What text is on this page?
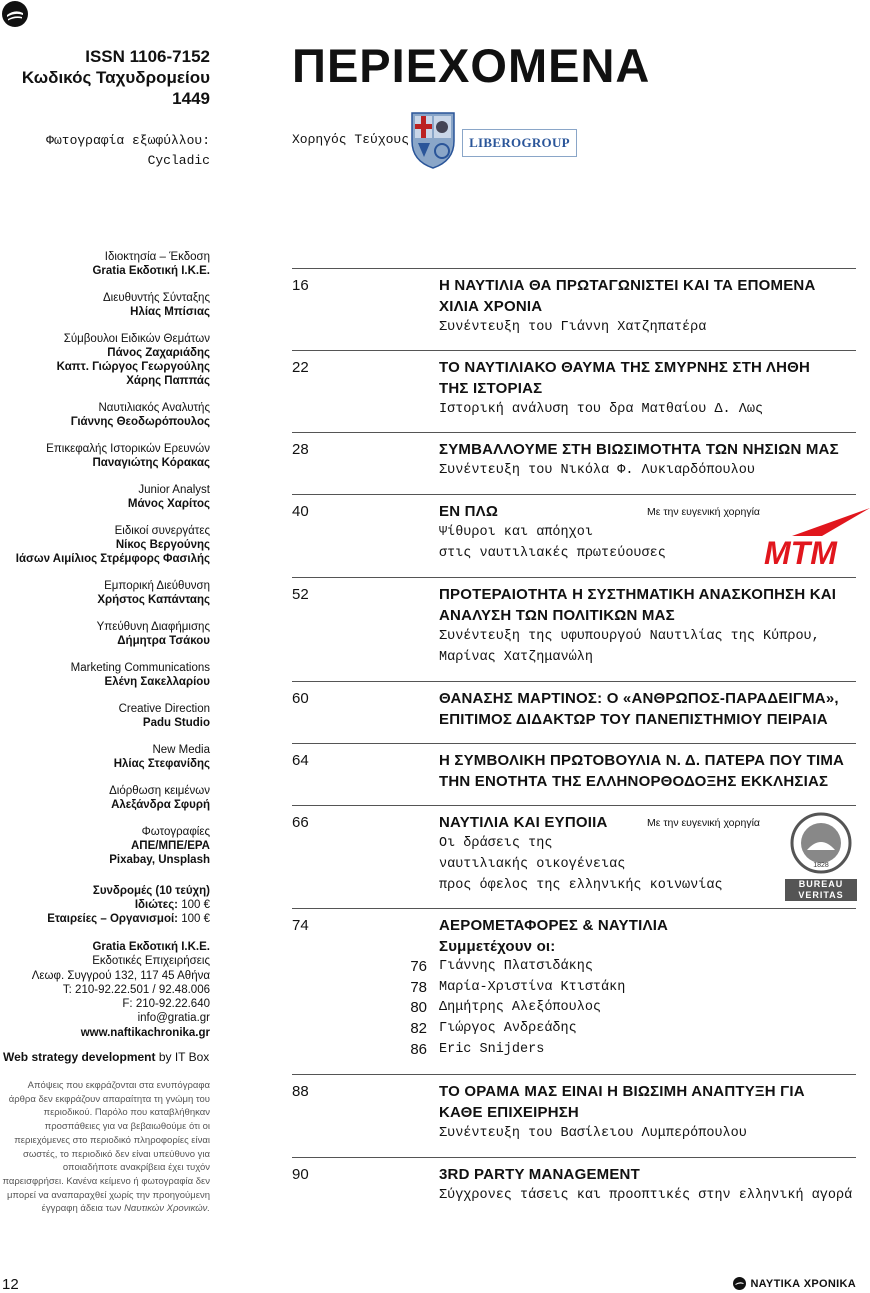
ISSN 1106-7152
Κωδικός Ταχυδρομείου
1449
Φωτογραφία εξωφύλλου:
Cycladic
ΠΕΡΙΕΧΟΜΕΝΑ
Χορηγός Τεύχους	LIBEROGROUP
Ιδιοκτησία – Έκδοση
Gratia Εκδοτική Ι.Κ.Ε.
Διευθυντής Σύνταξης
Ηλίας Μπίσιας
Σύμβουλοι Ειδικών Θεμάτων
Πάνος Ζαχαριάδης
Καπτ. Γιώργος Γεωργούλης
Χάρης Παππάς
Ναυτιλιακός Αναλυτής
Γιάννης Θεοδωρόπουλος
Επικεφαλής Ιστορικών Ερευνών
Παναγιώτης Κόρακας
Junior Analyst
Μάνος Χαρίτος
Ειδικοί συνεργάτες
Νίκος Βεργούνης
Ιάσων Αιμίλιος Στρέμφορς Φασιλής
Εμπορική Διεύθυνση
Χρήστος Καπάνταης
Υπεύθυνη Διαφήμισης
Δήμητρα Τσάκου
Marketing Communications
Ελένη Σακελλαρίου
Creative Direction
Padu Studio
New Media
Ηλίας Στεφανίδης
Διόρθωση κειμένων
Αλεξάνδρα Σφυρή
Φωτογραφίες
ΑΠΕ/ΜΠΕ/EPA
Pixabay, Unsplash
Συνδρομές (10 τεύχη)
Ιδιώτες: 100 €
Εταιρείες – Οργανισμοί: 100 €
Gratia Εκδοτική Ι.Κ.Ε.
Εκδοτικές Επιχειρήσεις
Λεωφ. Συγγρού 132, 117 45 Αθήνα
T: 210-92.22.501 / 92.48.006
F: 210-92.22.640
info@gratia.gr
www.naftikachronika.gr
Web strategy development by IT Box
Απόψεις που εκφράζονται στα ενυπόγραφα άρθρα δεν εκφράζουν απαραίτητα τη γνώμη του περιοδικού. Παρόλο που καταβλήθηκαν προσπάθειες για να βεβαιωθούμε ότι οι περιεχόμενες στο περιοδικό πληροφορίες είναι σωστές, το περιοδικό δεν είναι υπεύθυνο για οποιαδήποτε ανακρίβεια έχει τυχόν παρεισφρήσει. Κανένα κείμενο ή φωτογραφία δεν μπορεί να αναπαραχθεί χωρίς την προηγούμενη έγγραφη άδεια των Ναυτικών Χρονικών.
16	Η ΝΑΥΤΙΛΙΑ ΘΑ ΠΡΩΤΑΓΩΝΙΣΤΕΙ ΚΑΙ ΤΑ ΕΠΟΜΕΝΑ
ΧΙΛΙΑ ΧΡΟΝΙΑ
Συνέντευξη του Γιάννη Χατζηπατέρα
22	ΤΟ ΝΑΥΤΙΛΙΑΚΟ ΘΑΥΜΑ ΤΗΣ ΣΜΥΡΝΗΣ ΣΤΗ ΛΗΘΗ
ΤΗΣ ΙΣΤΟΡΙΑΣ
Ιστορική ανάλυση του δρα Ματθαίου Δ. Λως
28	ΣΥΜΒΑΛΛΟΥΜΕ ΣΤΗ ΒΙΩΣΙΜΟΤΗΤΑ ΤΩΝ ΝΗΣΙΩΝ ΜΑΣ
Συνέντευξη του Νικόλα Φ. Λυκιαρδόπουλου
40	ΕΝ ΠΛΩ
Ψίθυροι και απόηχοι
στις ναυτιλιακές πρωτεύουσες
Με την ευγενική χορηγία
52	ΠΡΟΤΕΡΑΙΟΤΗΤΑ Η ΣΥΣΤΗΜΑΤΙΚΗ ΑΝΑΣΚΟΠΗΣΗ ΚΑΙ
ΑΝΑΛΥΣΗ ΤΩΝ ΠΟΛΙΤΙΚΩΝ ΜΑΣ
Συνέντευξη της υφυπουργού Ναυτιλίας της Κύπρου,
Μαρίνας Χατζημανώλη
60	ΘΑΝΑΣΗΣ ΜΑΡΤΙΝΟΣ: Ο «ΑΝΘΡΩΠΟΣ-ΠΑΡΑΔΕΙΓΜΑ»,
ΕΠΙΤΙΜΟΣ ΔΙΔΑΚΤΩΡ ΤΟΥ ΠΑΝΕΠΙΣΤΗΜΙΟΥ ΠΕΙΡΑΙΑ
64	Η ΣΥΜΒΟΛΙΚΗ ΠΡΩΤΟΒΟΥΛΙΑ Ν. Δ. ΠΑΤΕΡΑ ΠΟΥ ΤΙΜΑ
ΤΗΝ ΕΝΟΤΗΤΑ ΤΗΣ ΕΛΛΗΝΟΡΘΟΔΟΞΗΣ ΕΚΚΛΗΣΙΑΣ
66	ΝΑΥΤΙΛΙΑ ΚΑΙ ΕΥΠΟΙΙΑ
Οι δράσεις της
ναυτιλιακής οικογένειας
προς όφελος της ελληνικής κοινωνίας
Με την ευγενική χορηγία
74	ΑΕΡΟΜΕΤΑΦΟΡΕΣ & ΝΑΥΤΙΛΙΑ
Συμμετέχουν οι:
76 Γιάννης Πλατσιδάκης
78 Μαρία-Χριστίνα Κτιστάκη
80 Δημήτρης Αλεξόπουλος
82 Γιώργος Ανδρεάδης
86 Eric Snijders
88	ΤΟ ΟΡΑΜΑ ΜΑΣ ΕΙΝΑΙ Η ΒΙΩΣΙΜΗ ΑΝΑΠΤΥΞΗ ΓΙΑ
ΚΑΘΕ ΕΠΙΧΕΙΡΗΣΗ
Συνέντευξη του Βασίλειου Λυμπερόπουλου
90	3RD PARTY MANAGEMENT
Σύγχρονες τάσεις και προοπτικές στην ελληνική αγορά
MTM
1828
BUREAU
VERITAS
12	ΝΑΥΤΙΚΑ ΧΡΟΝΙΚΑ
